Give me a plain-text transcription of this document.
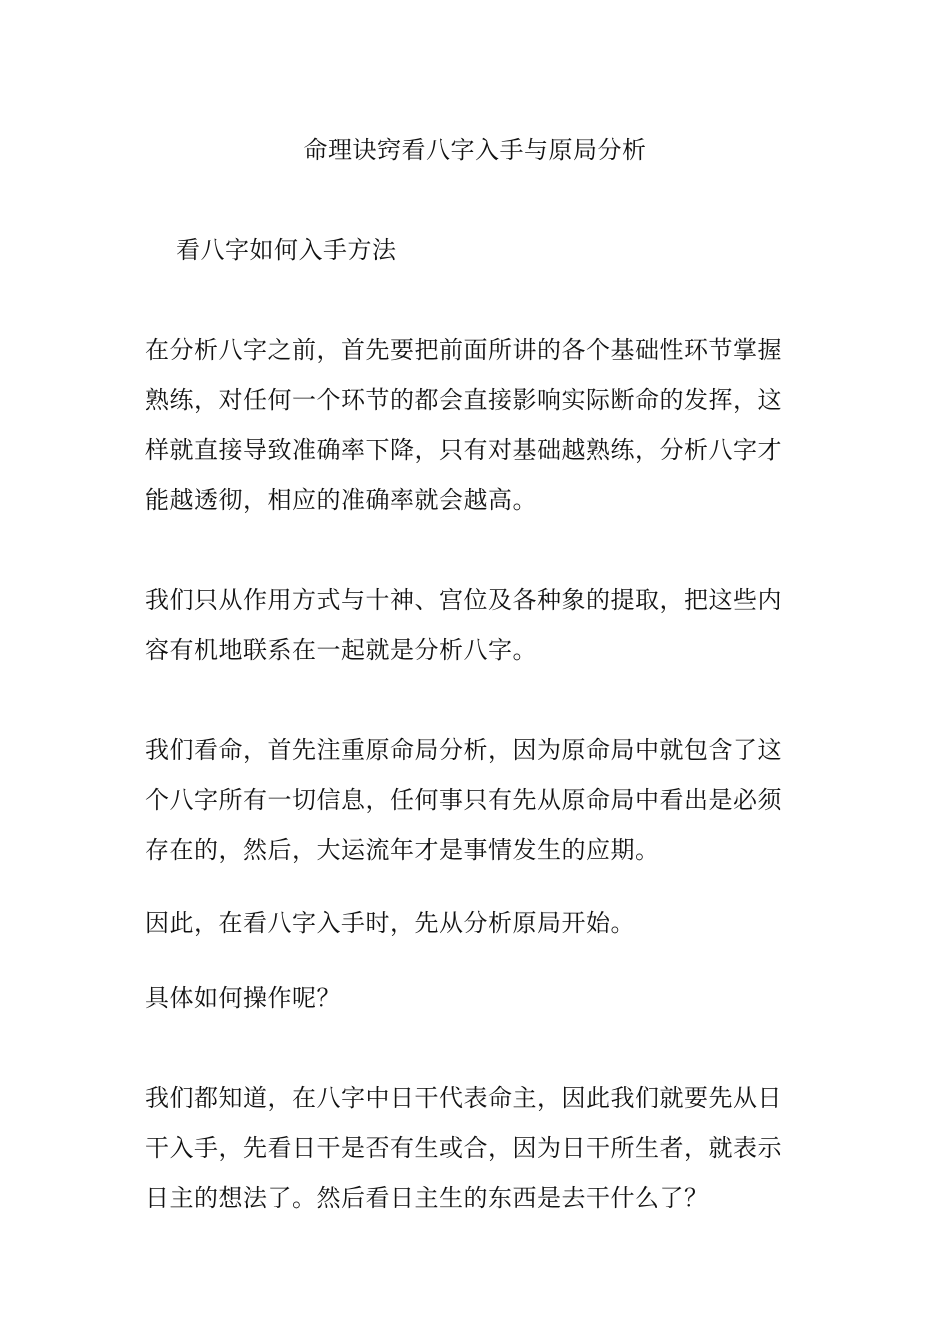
命理诀窍看八字入手与原局分析
看八字如何入手方法

在分析八字之前，首先要把前面所讲的各个基础性环节掌握熟练，对任何一个环节的都会直接影响实际断命的发挥，这样就直接导致准确率下降，只有对基础越熟练，分析八字才能越透彻，相应的准确率就会越高。

我们只从作用方式与十神、宫位及各种象的提取，把这些内容有机地联系在一起就是分析八字。

我们看命，首先注重原命局分析，因为原命局中就包含了这个八字所有一切信息，任何事只有先从原命局中看出是必须存在的，然后，大运流年才是事情发生的应期。

因此，在看八字入手时，先从分析原局开始。

具体如何操作呢？

我们都知道，在八字中日干代表命主，因此我们就要先从日干入手，先看日干是否有生或合，因为日干所生者，就表示日主的想法了。然后看日主生的东西是去干什么了？
